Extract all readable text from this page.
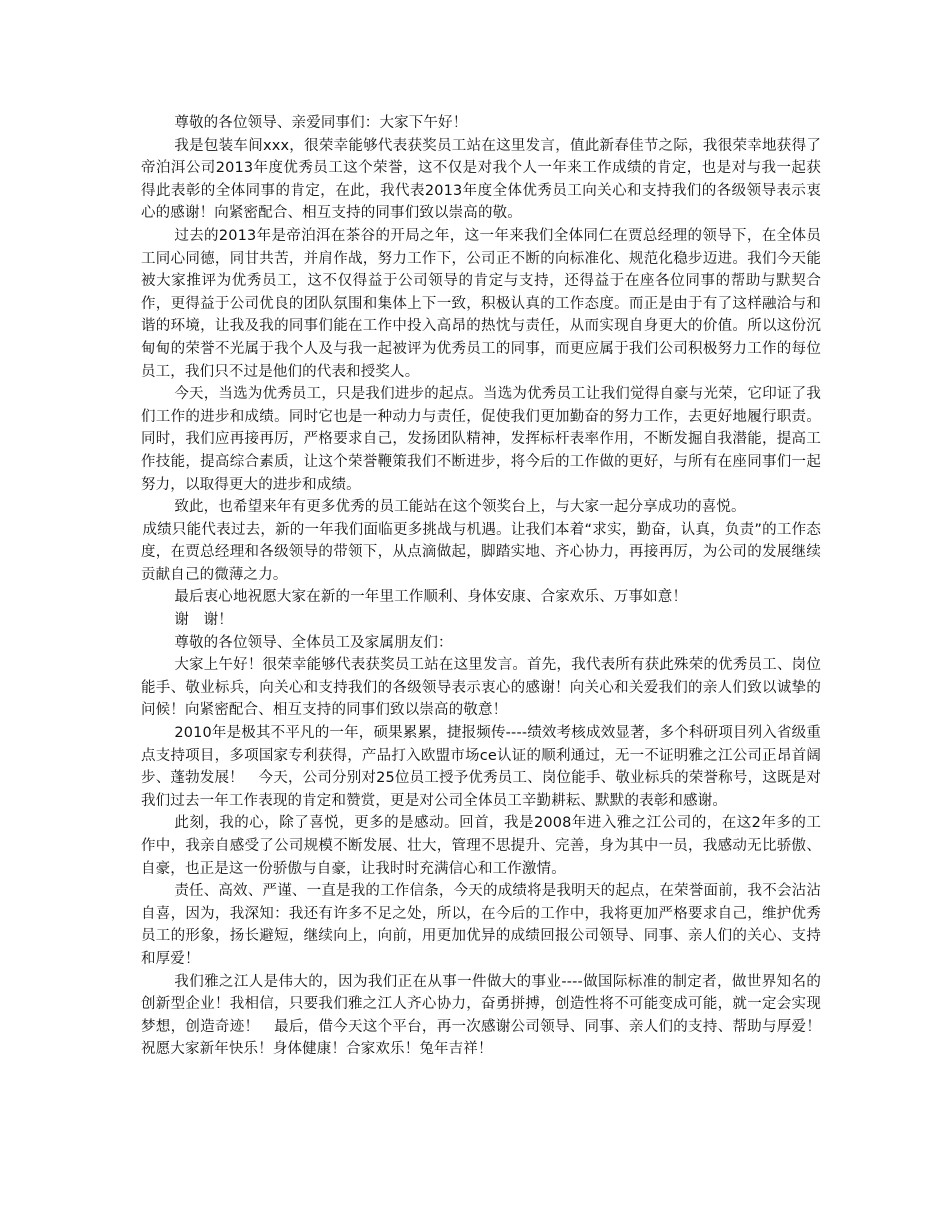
尊敬的各位领导、亲爱同事们：大家下午好！

我是包装车间xxx，很荣幸能够代表获奖员工站在这里发言，值此新春佳节之际，我很荣幸地获得了帝泊洱公司2013年度优秀员工这个荣誉，这不仅是对我个人一年来工作成绩的肯定，也是对与我一起获得此表彰的全体同事的肯定，在此，我代表2013年度全体优秀员工向关心和支持我们的各级领导表示衷心的感谢！向紧密配合、相互支持的同事们致以崇高的敬。

过去的2013年是帝泊洱在茶谷的开局之年，这一年来我们全体同仁在贾总经理的领导下，在全体员工同心同德，同甘共苦，并肩作战，努力工作下，公司正不断的向标准化、规范化稳步迈进。我们今天能被大家推评为优秀员工，这不仅得益于公司领导的肯定与支持，还得益于在座各位同事的帮助与默契合作，更得益于公司优良的团队氛围和集体上下一致，积极认真的工作态度。而正是由于有了这样融洽与和谐的环境，让我及我的同事们能在工作中投入高昂的热忱与责任，从而实现自身更大的价值。所以这份沉甸甸的荣誉不光属于我个人及与我一起被评为优秀员工的同事，而更应属于我们公司积极努力工作的每位员工，我们只不过是他们的代表和授奖人。

今天，当选为优秀员工，只是我们进步的起点。当选为优秀员工让我们觉得自豪与光荣，它印证了我们工作的进步和成绩。同时它也是一种动力与责任，促使我们更加勤奋的努力工作，去更好地履行职责。同时，我们应再接再厉，严格要求自己，发扬团队精神，发挥标杆表率作用，不断发掘自我潜能，提高工作技能，提高综合素质，让这个荣誉鞭策我们不断进步，将今后的工作做的更好，与所有在座同事们一起努力，以取得更大的进步和成绩。

致此，也希望来年有更多优秀的员工能站在这个领奖台上，与大家一起分享成功的喜悦。

成绩只能代表过去，新的一年我们面临更多挑战与机遇。让我们本着“求实，勤奋，认真，负责”的工作态度，在贾总经理和各级领导的带领下，从点滴做起，脚踏实地、齐心协力，再接再厉，为公司的发展继续贡献自己的微薄之力。

最后衷心地祝愿大家在新的一年里工作顺利、身体安康、合家欢乐、万事如意！

谢　谢！

尊敬的各位领导、全体员工及家属朋友们：

大家上午好！很荣幸能够代表获奖员工站在这里发言。首先，我代表所有获此殊荣的优秀员工、岗位能手、敬业标兵，向关心和支持我们的各级领导表示衷心的感谢！向关心和关爱我们的亲人们致以诚挚的问候！向紧密配合、相互支持的同事们致以崇高的敬意！

2010年是极其不平凡的一年，硕果累累，捷报频传----绩效考核成效显著，多个科研项目列入省级重点支持项目，多项国家专利获得，产品打入欧盟市场ce认证的顺利通过，无一不证明雅之江公司正昂首阔步、蓬勃发展！　今天，公司分别对25位员工授予优秀员工、岗位能手、敬业标兵的荣誉称号，这既是对我们过去一年工作表现的肯定和赞赏，更是对公司全体员工辛勤耕耘、默默的表彰和感谢。

此刻，我的心，除了喜悦，更多的是感动。回首，我是2008年进入雅之江公司的，在这2年多的工作中，我亲自感受了公司规模不断发展、壮大，管理不思提升、完善，身为其中一员，我感动无比骄傲、自豪，也正是这一份骄傲与自豪，让我时时充满信心和工作激情。

责任、高效、严谨、一直是我的工作信条，今天的成绩将是我明天的起点，在荣誉面前，我不会沾沾自喜，因为，我深知：我还有许多不足之处，所以，在今后的工作中，我将更加严格要求自己，维护优秀员工的形象，扬长避短，继续向上，向前，用更加优异的成绩回报公司领导、同事、亲人们的关心、支持和厚爱！

我们雅之江人是伟大的，因为我们正在从事一件做大的事业----做国际标准的制定者，做世界知名的创新型企业！我相信，只要我们雅之江人齐心协力，奋勇拼搏，创造性将不可能变成可能，就一定会实现梦想，创造奇迹！　最后，借今天这个平台，再一次感谢公司领导、同事、亲人们的支持、帮助与厚爱！祝愿大家新年快乐！身体健康！合家欢乐！兔年吉祥！
